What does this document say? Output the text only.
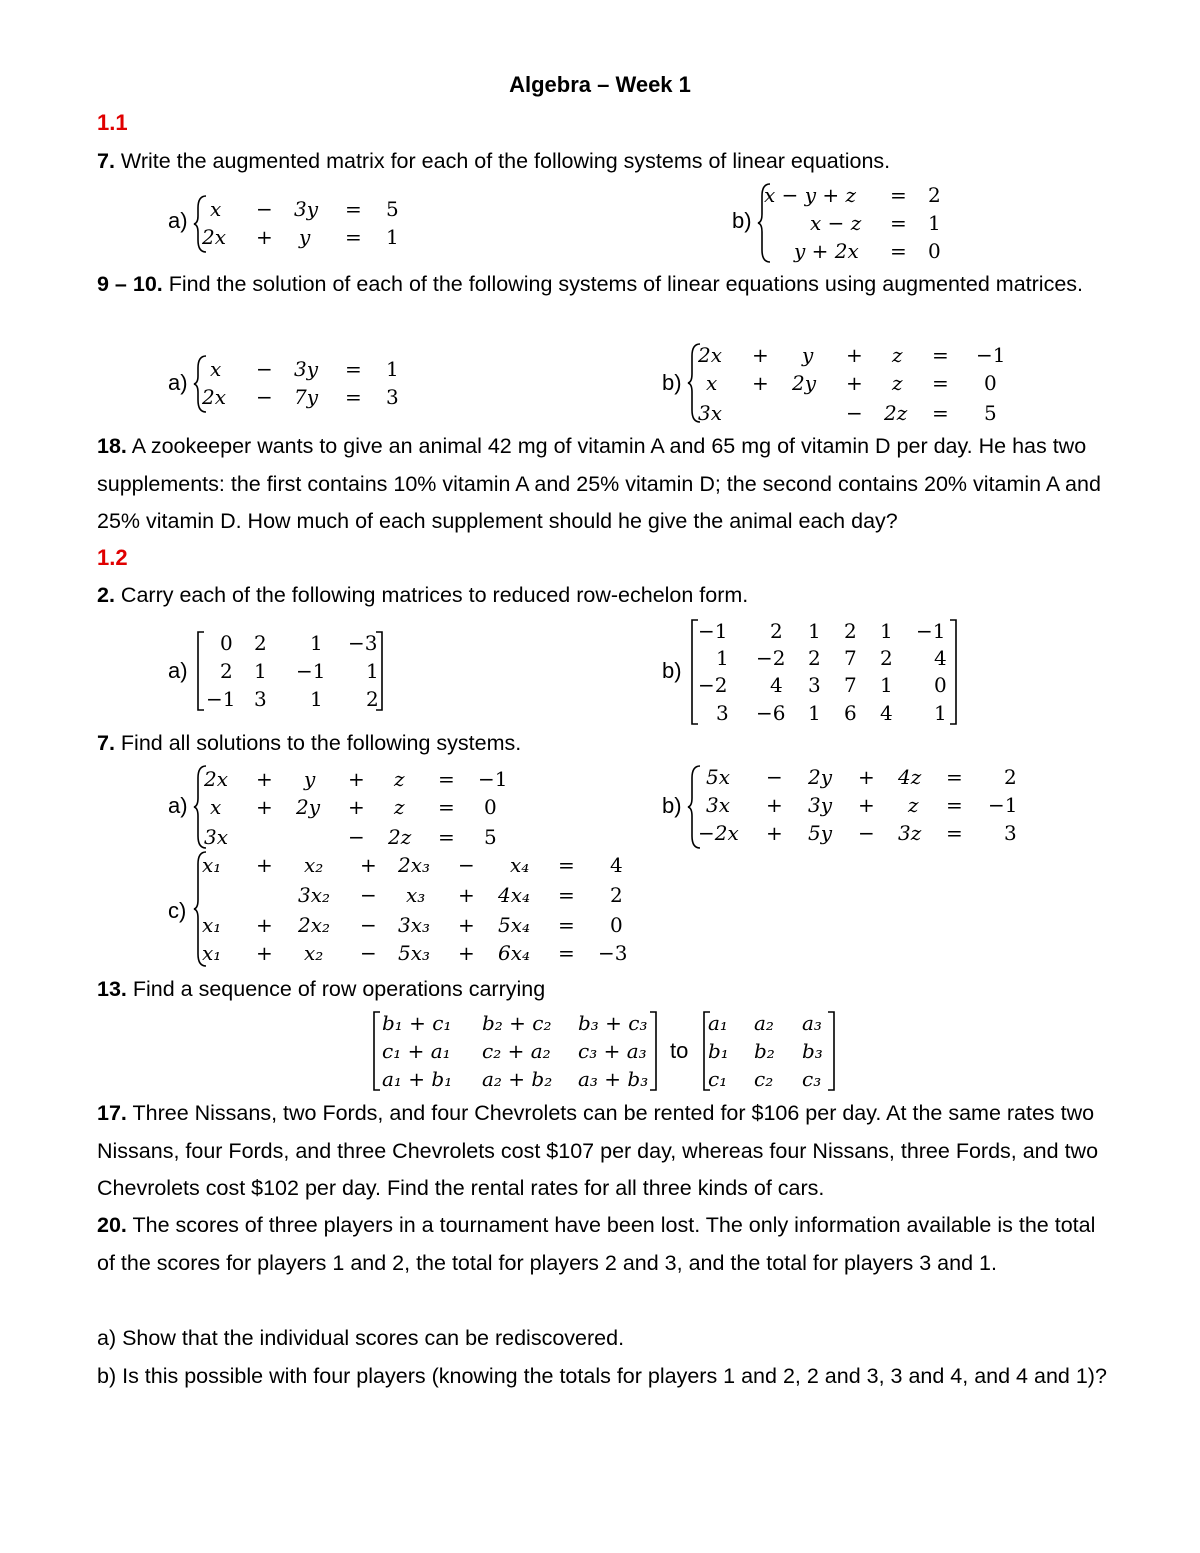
Algebra – Week 1
1.1
7. Write the augmented matrix for each of the following systems of linear equations.
a) x − 3y = 5
2x + y = 1
b)
x − y + z = 2
x − z = 1
y + 2x = 0
9 – 10. Find the solution of each of the following systems of linear equations using augmented matrices.
a)
x − 3y = 1
2x − 7y = 3
b)
2x + y + z = −1
x + 2y + z = 0
3x	− 2z = 5
18. A zookeeper wants to give an animal 42 mg of vitamin A and 65 mg of vitamin D per day. He has two supplements: the first contains 10% vitamin A and 25% vitamin D; the second contains 20% vitamin A and 25% vitamin D. How much of each supplement should he give the animal each day?
1.2
2. Carry each of the following matrices to reduced row-echelon form.
a)
0 2 1 −3
2 1 −1 1
−1 3 1 2
b)
−1 2 1 2 1 −1
1 −2 2 7 2 4
−2 4 3 7 1 0
3 −6 1 6 4 1
7. Find all solutions to the following systems.
a)
2x + y + z = −1
x + 2y + z = 0
3x	− 2z = 5
b)
5x − 2y + 4z = 2
3x + 3y + z = −1
−2x + 5y − 3z = 3
c)
x₁ + x₂ + 2x₃ − x₄ = 4
3x₂ − x₃ + 4x₄ = 2
x₁ + 2x₂ − 3x₃ + 5x₄ = 0
x₁ + x₂ − 5x₃ + 6x₄ = −3
13. Find a sequence of row operations carrying
b₁ + c₁ b₂ + c₂ b₃ + c₃
c₁ + a₁ c₂ + a₂ c₃ + a₃
a₁ + b₁ a₂ + b₂ a₃ + b₃
to
a₁ a₂ a₃
b₁ b₂ b₃
c₁ c₂ c₃
17. Three Nissans, two Fords, and four Chevrolets can be rented for $106 per day. At the same rates two Nissans, four Fords, and three Chevrolets cost $107 per day, whereas four Nissans, three Fords, and two Chevrolets cost $102 per day. Find the rental rates for all three kinds of cars.
20. The scores of three players in a tournament have been lost. The only information available is the total of the scores for players 1 and 2, the total for players 2 and 3, and the total for players 3 and 1.
a) Show that the individual scores can be rediscovered.
b) Is this possible with four players (knowing the totals for players 1 and 2, 2 and 3, 3 and 4, and 4 and 1)?
